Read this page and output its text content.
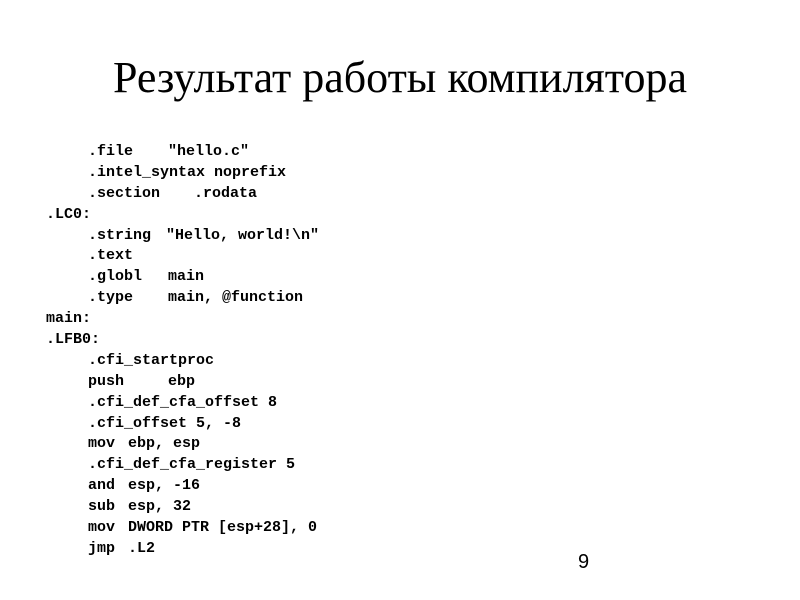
Результат работы компилятора
.file	"hello.c"
.intel_syntax noprefix
.section	.rodata
.LC0:
.string "Hello, world!\n"
.text
.globl	main
.type	main, @function
main:
.LFB0:
.cfi_startproc
push	ebp
.cfi_def_cfa_offset 8
.cfi_offset 5, -8
mov ebp, esp
.cfi_def_cfa_register 5
and esp, -16
sub esp, 32
mov DWORD PTR [esp+28], 0
jmp .L2
9
